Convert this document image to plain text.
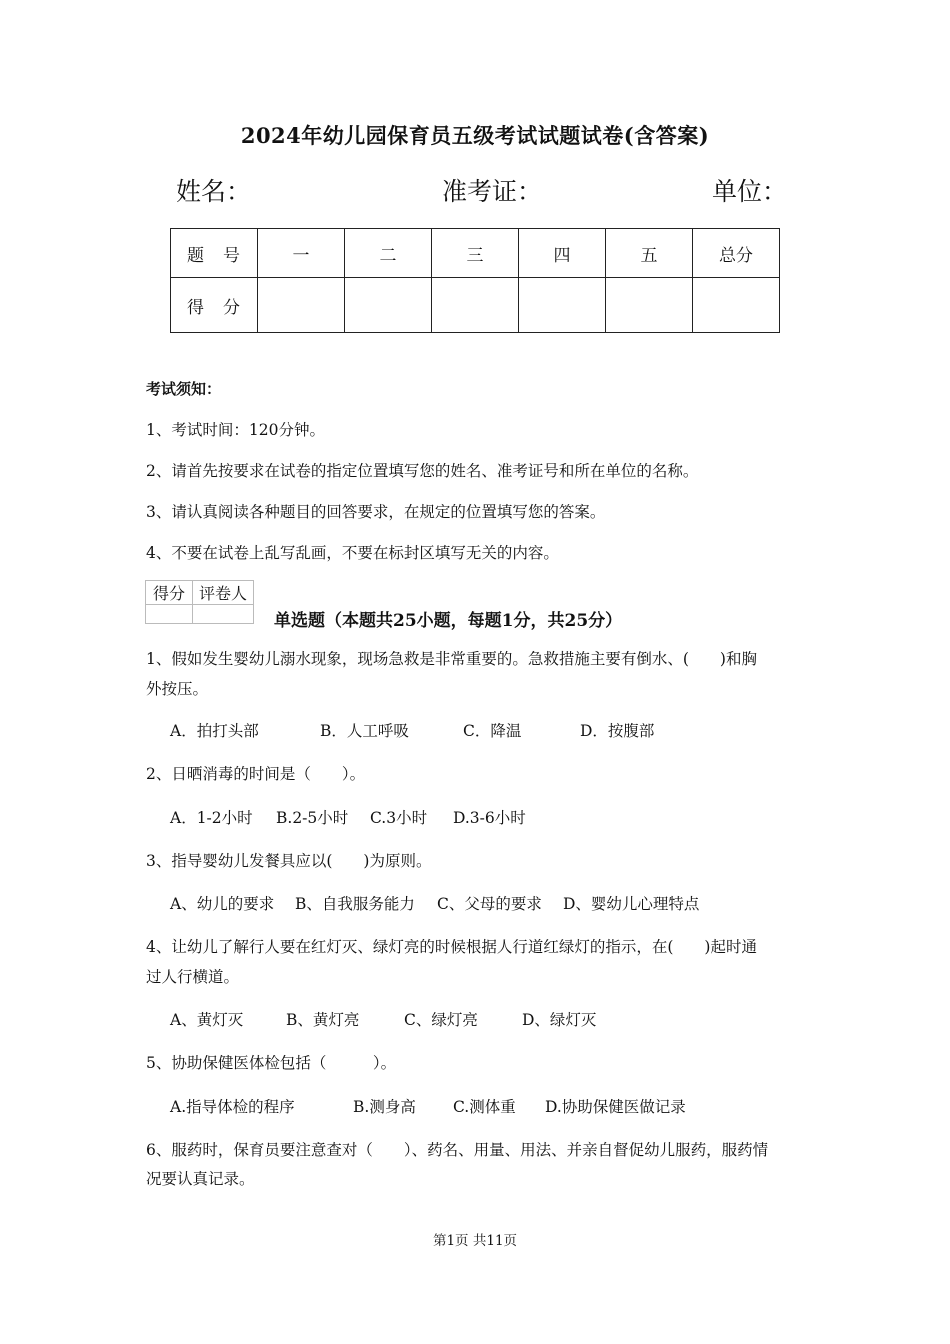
2024年幼儿园保育员五级考试试题试卷(含答案)
姓名：	准考证：	单位：
题　号	一	二	三	四	五	总分
得　分						
考试须知：
1、考试时间：120分钟。
2、请首先按要求在试卷的指定位置填写您的姓名、准考证号和所在单位的名称。
3、请认真阅读各种题目的回答要求，在规定的位置填写您的答案。
4、不要在试卷上乱写乱画，不要在标封区填写无关的内容。
得分	评卷人

单选题（本题共25小题，每题1分，共25分）
1、假如发生婴幼儿溺水现象，现场急救是非常重要的。急救措施主要有倒水、(　　)和胸
外按压。
A．拍打头部	B．人工呼吸	C．降温	D．按腹部
2、日晒消毒的时间是（　　）。
A．1-2小时 B.2-5小时 C.3小时 D.3-6小时
3、指导婴幼儿发餐具应以(　　)为原则。
A、幼儿的要求 B、自我服务能力 C、父母的要求 D、婴幼儿心理特点
4、让幼儿了解行人要在红灯灭、绿灯亮的时候根据人行道红绿灯的指示，在(　　)起时通
过人行横道。
A、黄灯灭	B、黄灯亮	C、绿灯亮	D、绿灯灭
5、协助保健医体检包括（　　　）。
A.指导体检的程序	B.测身高 C.测体重 D.协助保健医做记录
6、服药时，保育员要注意查对（　　）、药名、用量、用法、并亲自督促幼儿服药，服药情
况要认真记录。
第1页 共11页
